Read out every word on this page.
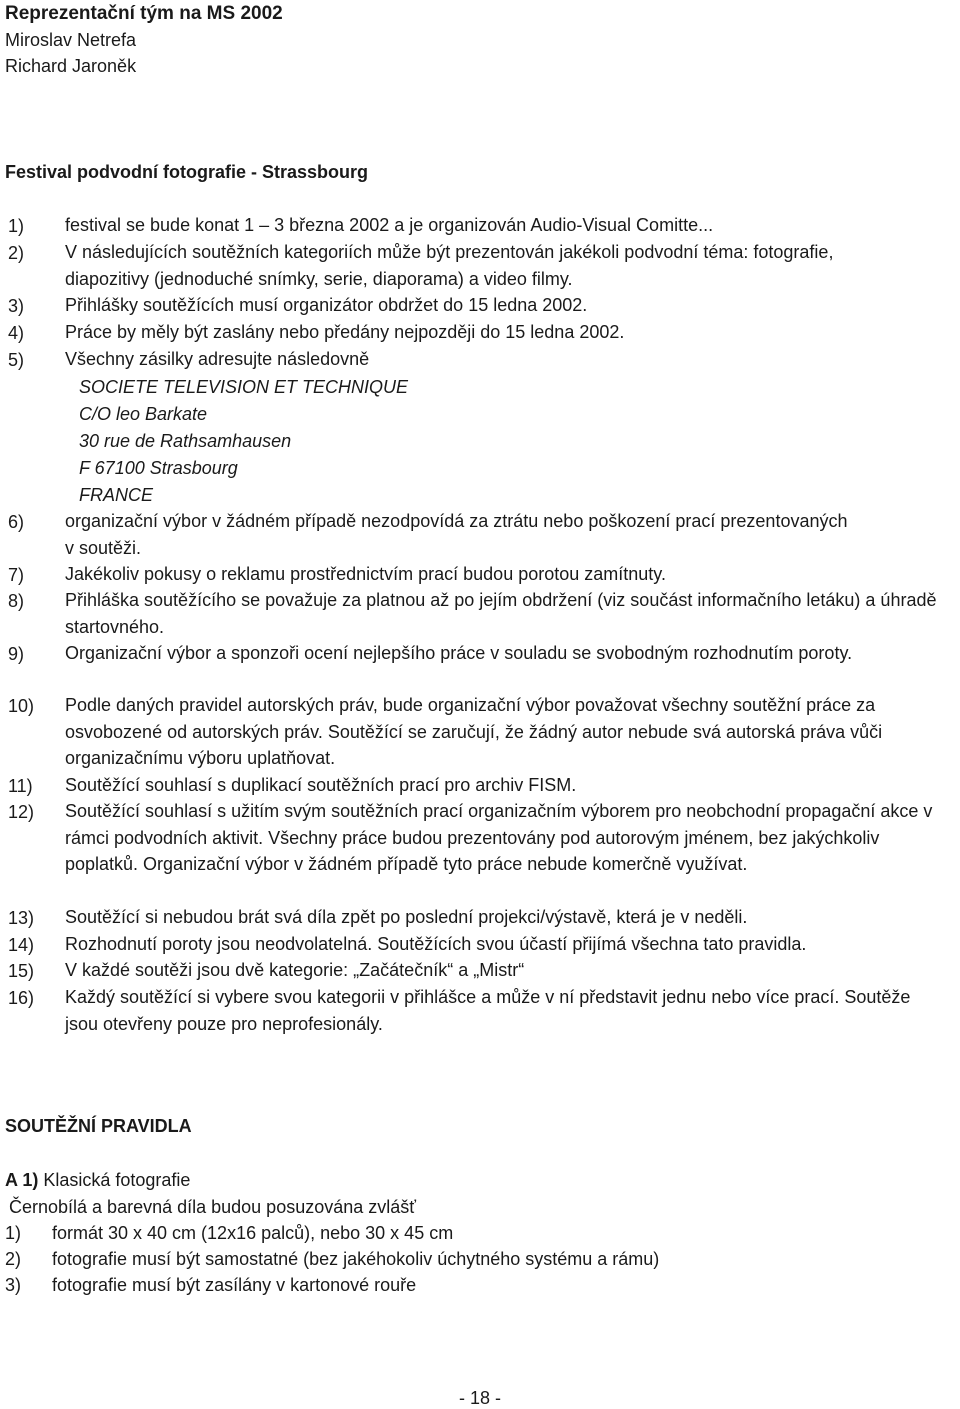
Reprezentační tým na MS 2002
Miroslav Netrefa
Richard Jaroněk
Festival podvodní fotografie - Strassbourg
1)	festival se bude konat 1 – 3 března 2002 a je organizován Audio-Visual Comitte...
2)	V následujících soutěžních kategoriích může být prezentován jakékoli podvodní téma: fotografie, diapozitivy (jednoduché snímky, serie, diaporama) a video filmy.
3)	Přihlášky soutěžících musí organizátor obdržet do 15 ledna 2002.
4)	Práce by měly být zaslány nebo předány nejpozději do 15 ledna 2002.
5)	Všechny zásilky adresujte následovně
SOCIETE TELEVISION ET TECHNIQUE
C/O leo Barkate
30 rue de Rathsamhausen
F 67100 Strasbourg
FRANCE
6)	organizační výbor v žádném případě nezodpovídá za ztrátu nebo poškození prací prezentovaných v soutěži.
7)	Jakékoliv pokusy o reklamu prostřednictvím prací budou porotou zamítnuty.
8)	Přihláška soutěžícího se považuje za platnou až po jejím obdržení (viz součást informačního letáku) a úhradě startovného.
9)	Organizační výbor a sponzoři ocení nejlepšího práce v souladu se svobodným rozhodnutím poroty.
10)	Podle daných pravidel autorských práv, bude organizační výbor považovat všechny soutěžní práce za osvobozené od autorských práv. Soutěžící se zaručují, že žádný autor nebude svá autorská práva vůči organizačnímu výboru uplatňovat.
11)	Soutěžící souhlasí s duplikací soutěžních prací pro archiv FISM.
12)	Soutěžící souhlasí s užitím svým soutěžních prací organizačním výborem pro neobchodní propagační akce v rámci podvodních aktivit. Všechny práce budou prezentovány pod autorovým jménem, bez jakýchkoliv poplatků. Organizační výbor v žádném případě tyto práce nebude komerčně využívat.
13)	Soutěžící si nebudou brát svá díla zpět po poslední projekci/výstavě, která je v neděli.
14)	Rozhodnutí poroty jsou neodvolatelná. Soutěžících svou účastí přijímá všechna tato pravidla.
15)	V každé soutěži jsou dvě kategorie: „Začátečník“ a „Mistr“
16)	Každý soutěžící si vybere svou kategorii v přihlášce a může v ní představit jednu nebo více prací. Soutěže jsou otevřeny pouze pro neprofesionály.
SOUTĚŽNÍ PRAVIDLA
A 1) Klasická fotografie
Černobílá a barevná díla budou posuzována zvlášť
1) formát 30 x 40 cm (12x16 palců), nebo 30 x 45 cm
2) fotografie musí být samostatné (bez jakéhokoliv úchytného systému a rámu)
3) fotografie musí být zasílány v kartonové rouře
- 18 -
